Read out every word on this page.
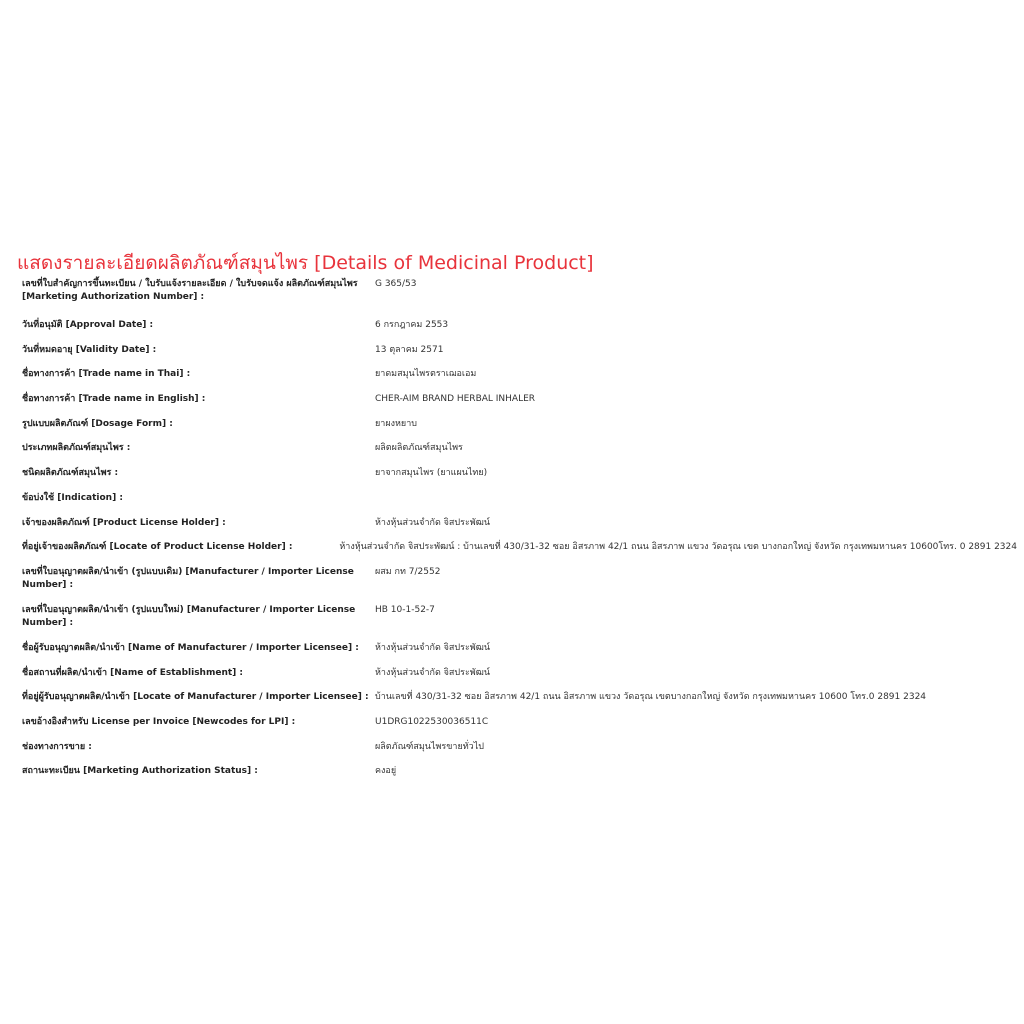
แสดงรายละเอียดผลิตภัณฑ์สมุนไพร [Details of Medicinal Product]
เลขที่ใบสำคัญการขึ้นทะเบียน / ใบรับแจ้งรายละเอียด / ใบรับจดแจ้ง ผลิตภัณฑ์สมุนไพร [Marketing Authorization Number] :
G 365/53
วันที่อนุมัติ [Approval Date] :	6 กรกฎาคม 2553
วันที่หมดอายุ [Validity Date] :	13 ตุลาคม 2571
ชื่อทางการค้า [Trade name in Thai] :	ยาดมสมุนไพรตราเฌอเอม
ชื่อทางการค้า [Trade name in English] :	CHER-AIM BRAND HERBAL INHALER
รูปแบบผลิตภัณฑ์ [Dosage Form] :	ยาผงหยาบ
ประเภทผลิตภัณฑ์สมุนไพร :	ผลิตผลิตภัณฑ์สมุนไพร
ชนิดผลิตภัณฑ์สมุนไพร :	ยาจากสมุนไพร (ยาแผนไทย)
ข้อบ่งใช้ [Indication] :
เจ้าของผลิตภัณฑ์ [Product License Holder] :	ห้างหุ้นส่วนจำกัด จิสประพัฒน์
ที่อยู่เจ้าของผลิตภัณฑ์ [Locate of Product License Holder] :	ห้างหุ้นส่วนจำกัด จิสประพัฒน์ : บ้านเลขที่ 430/31-32 ซอย อิสรภาพ 42/1 ถนน อิสรภาพ แขวง วัดอรุณ เขต บางกอกใหญ่ จังหวัด กรุงเทพมหานคร 10600โทร. 0 2891 2324
เลขที่ใบอนุญาตผลิต/นำเข้า (รูปแบบเดิม) [Manufacturer / Importer License Number] :
ผสม กท 7/2552
เลขที่ใบอนุญาตผลิต/นำเข้า (รูปแบบใหม่) [Manufacturer / Importer License Number] :
HB 10-1-52-7
ชื่อผู้รับอนุญาตผลิต/นำเข้า [Name of Manufacturer / Importer Licensee] :	ห้างหุ้นส่วนจำกัด จิสประพัฒน์
ชื่อสถานที่ผลิต/นำเข้า [Name of Establishment] :	ห้างหุ้นส่วนจำกัด จิสประพัฒน์
ที่อยู่ผู้รับอนุญาตผลิต/นำเข้า [Locate of Manufacturer / Importer Licensee] : บ้านเลขที่ 430/31-32 ซอย อิสรภาพ 42/1 ถนน อิสรภาพ แขวง วัดอรุณ เขตบางกอกใหญ่ จังหวัด กรุงเทพมหานคร 10600 โทร.0 2891 2324
เลขอ้างอิงสำหรับ License per Invoice [Newcodes for LPI] :	U1DRG1022530036511C
ช่องทางการขาย :	ผลิตภัณฑ์สมุนไพรขายทั่วไป
สถานะทะเบียน [Marketing Authorization Status] :	คงอยู่
